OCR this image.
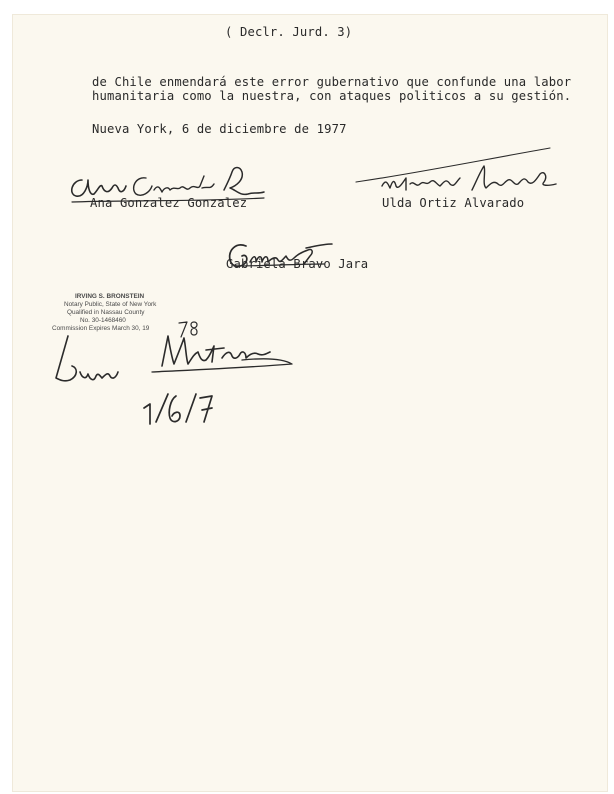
( Declr. Jurd. 3)
de Chile enmendará este error gubernativo que confunde una labor
humanitaria como la nuestra, con ataques politicos a su gestión.
Nueva York, 6 de diciembre de 1977
Ana Gonzalez Gonzalez	Ulda Ortiz Alvarado
Gabriela Bravo Jara
IRVING S. BRONSTEIN
Notary Public, State of New York
Qualified in Nassau County
No. 30-1468460
Commission Expires March 30, 19
